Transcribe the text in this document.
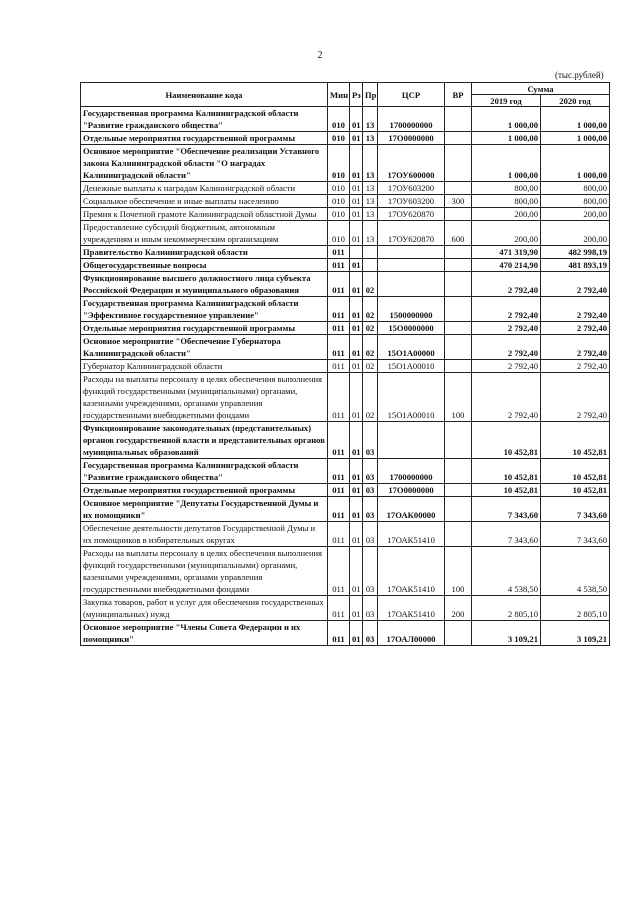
2
(тыс.рублей)
Наименование кода	Мин	Рз	Пр	ЦСР	ВР	Сумма	
						2019 год	2020 год
Государственная программа Калининградской области "Развитие гражданского общества"	010	01	13	1700000000		1 000,00	1 000,00
Отдельные мероприятия государственной программы	010	01	13	17О0000000		1 000,00	1 000,00
Основное мероприятие "Обеспечение реализации Уставного закона Калининградской области "О наградах Калининградской области"	010	01	13	17ОУ600000		1 000,00	1 000,00
Денежные выплаты к наградам Калининградской области	010	01	13	17ОУ603200		800,00	800,00
Социальное обеспечение и иные выплаты населению	010	01	13	17ОУ603200	300	800,00	800,00
Премия к Почетной грамоте Калининградской областной Думы	010	01	13	17ОУ620870		200,00	200,00
Предоставление субсидий бюджетным, автономным учреждениям и иным некоммерческим организациям	010	01	13	17ОУ620870	600	200,00	200,00
Правительство Калининградской области	011					471 319,90	482 998,19
Общегосударственные вопросы	011	01				470 214,90	481 893,19
Функционирование высшего должностного лица субъекта Российской Федерации и муниципального образования	011	01	02			2 792,40	2 792,40
Государственная программа Калининградской области "Эффективное государственное управление"	011	01	02	1500000000		2 792,40	2 792,40
Отдельные мероприятия государственной программы	011	01	02	15О0000000		2 792,40	2 792,40
Основное мероприятие "Обеспечение Губернатора Калининградской области"	011	01	02	15О1А00000		2 792,40	2 792,40
Губернатор Калининградской области	011	01	02	15О1А00010		2 792,40	2 792,40
Расходы на выплаты персоналу в целях обеспечения выполнения функций государственными (муниципальными) органами, казенными учреждениями, органами управления государственными внебюджетными фондами	011	01	02	15О1А00010	100	2 792,40	2 792,40
Функционирование законодательных (представительных) органов государственной власти и представительных органов муниципальных образований	011	01	03			10 452,81	10 452,81
Государственная программа Калининградской области "Развитие гражданского общества"	011	01	03	1700000000		10 452,81	10 452,81
Отдельные мероприятия государственной программы	011	01	03	17О0000000		10 452,81	10 452,81
Основное мероприятие "Депутаты Государственной Думы и их помощники"	011	01	03	17ОАК00000		7 343,60	7 343,60
Обеспечение деятельности депутатов Государственной Думы и их помощников в избирательных округах	011	01	03	17ОАК51410		7 343,60	7 343,60
Расходы на выплаты персоналу в целях обеспечения выполнения функций государственными (муниципальными) органами, казенными учреждениями, органами управления государственными внебюджетными фондами	011	01	03	17ОАК51410	100	4 538,50	4 538,50
Закупка товаров, работ и услуг для обеспечения государственных (муниципальных) нужд	011	01	03	17ОАК51410	200	2 805,10	2 805,10
Основное мероприятие "Члены Совета Федерации и их помощники"	011	01	03	17ОАЛ00000		3 109,21	3 109,21
